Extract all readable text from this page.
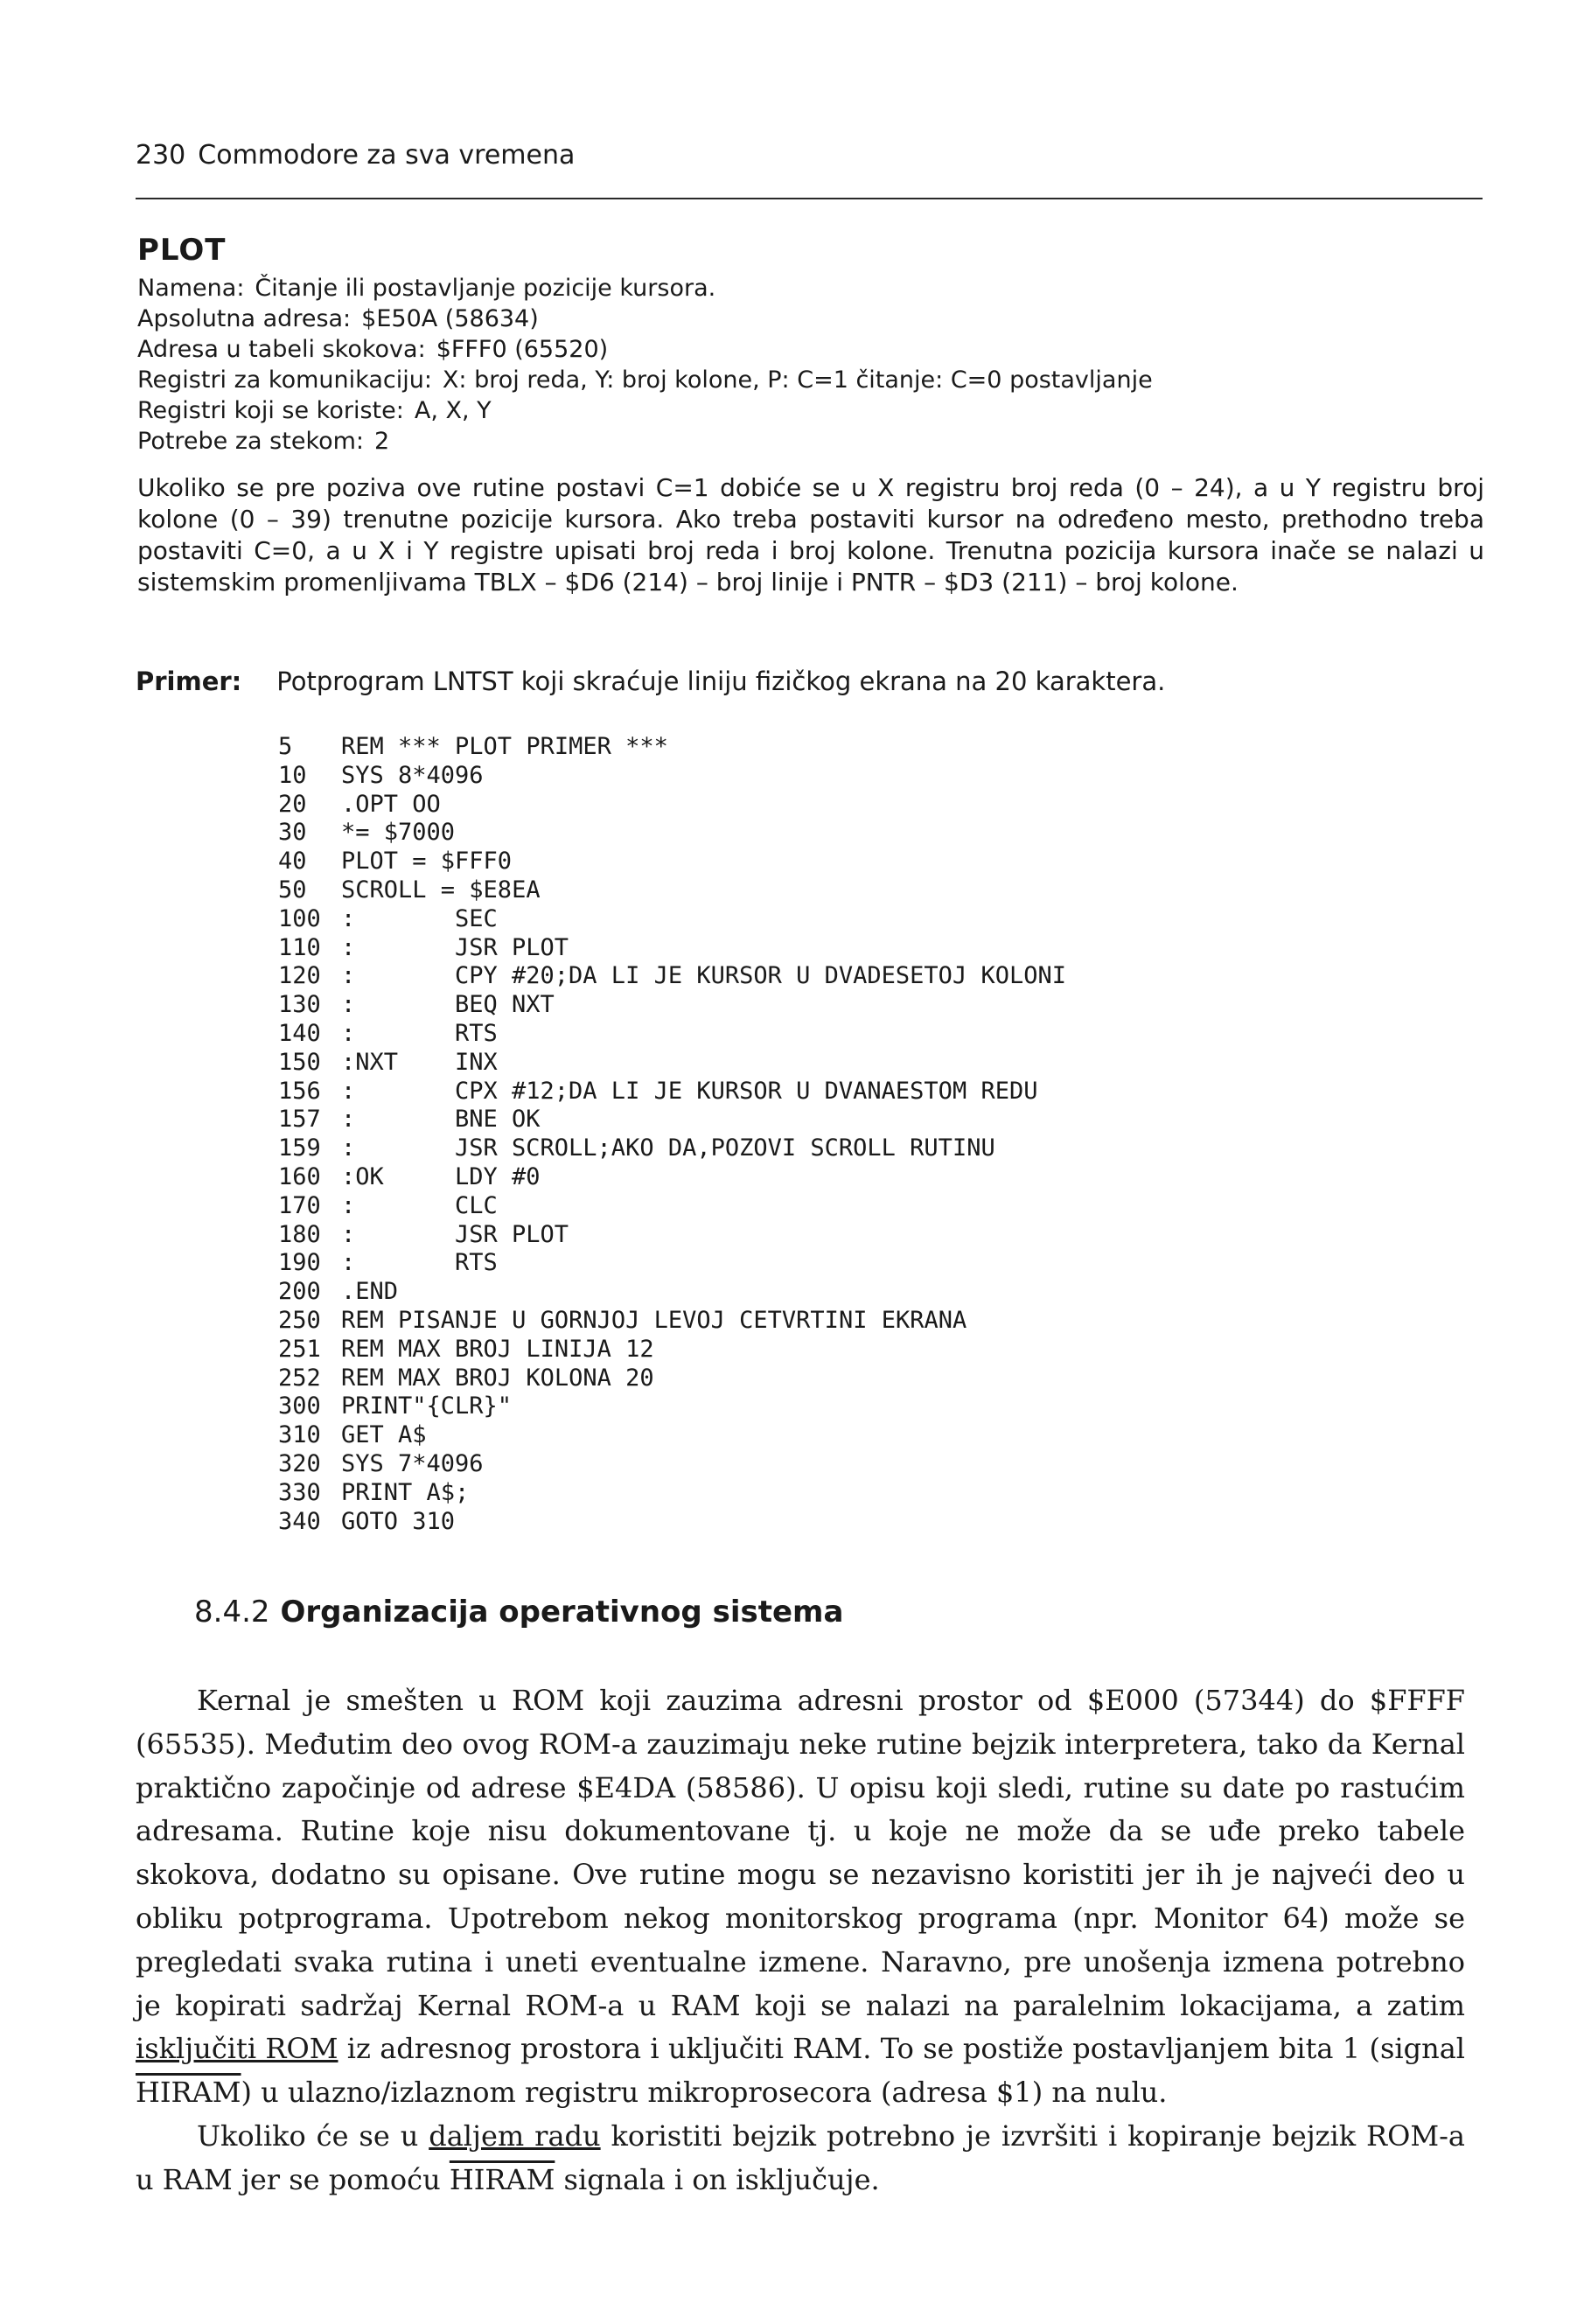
230 Commodore za sva vremena
PLOT
Namena: Čitanje ili postavljanje pozicije kursora.
Apsolutna adresa: $E50A (58634)
Adresa u tabeli skokova: $FFF0 (65520)
Registri za komunikaciju: X: broj reda, Y: broj kolone, P: C=1 čitanje: C=0 postavljanje
Registri koji se koriste: A, X, Y
Potrebe za stekom: 2
Ukoliko se pre poziva ove rutine postavi C=1 dobiće se u X registru broj reda (0 – 24), a u Y registru broj kolone (0 – 39) trenutne pozicije kursora. Ako treba postaviti kursor na određeno mesto, prethodno treba postaviti C=0, a u X i Y registre upisati broj reda i broj kolone. Trenutna pozicija kursora inače se nalazi u sistemskim promenljivama TBLX – $D6 (214) – broj linije i PNTR – $D3 (211) – broj kolone.
Primer: Potprogram LNTST koji skraćuje liniju fizičkog ekrana na 20 karaktera.
5	REM *** PLOT PRIMER ***
10	SYS 8*4096
20	.OPT OO
30	*= $7000
40	PLOT = $FFF0
50	SCROLL = $E8EA
100 :	SEC
110 :	JSR PLOT
120 :	CPY #20;DA LI JE KURSOR U DVADESETOJ KOLONI
130 :	BEQ NXT
140 :	RTS
150 :NXT	INX
156 :	CPX #12;DA LI JE KURSOR U DVANAESTOM REDU
157 :	BNE OK
159 :	JSR SCROLL;AKO DA,POZOVI SCROLL RUTINU
160 :OK	LDY #0
170 :	CLC
180 :	JSR PLOT
190 :	RTS
200 .END
250 REM PISANJE U GORNJOJ LEVOJ CETVRTINI EKRANA
251 REM MAX BROJ LINIJA 12
252 REM MAX BROJ KOLONA 20
300 PRINT"{CLR}"
310 GET A$
320 SYS 7*4096
330 PRINT A$;
340 GOTO 310
8.4.2 Organizacija operativnog sistema

Kernal je smešten u ROM koji zauzima adresni prostor od $E000 (57344) do $FFFF (65535). Međutim deo ovog ROM-a zauzimaju neke rutine bejzik interpretera, tako da Kernal praktično započinje od adrese $E4DA (58586). U opisu koji sledi, rutine su date po rastućim adresama. Rutine koje nisu dokumentovane tj. u koje ne može da se uđe preko tabele skokova, dodatno su opisane. Ove rutine mogu se nezavisno koristiti jer ih je najveći deo u obliku potprograma. Upotrebom nekog monitorskog programa (npr. Monitor 64) može se pregledati svaka rutina i uneti eventualne izmene. Naravno, pre unošenja izmena potrebno je kopirati sadržaj Kernal ROM-a u RAM koji se nalazi na paralelnim lokacijama, a zatim isključiti ROM iz adresnog prostora i uključiti RAM. To se postiže postavljanjem bita 1 (signal HIRAM) u ulazno/izlaznom registru mikroprosecora (adresa $1) na nulu.

Ukoliko će se u daljem radu koristiti bejzik potrebno je izvršiti i kopiranje bejzik ROM-a u RAM jer se pomoću HIRAM signala i on isključuje.
